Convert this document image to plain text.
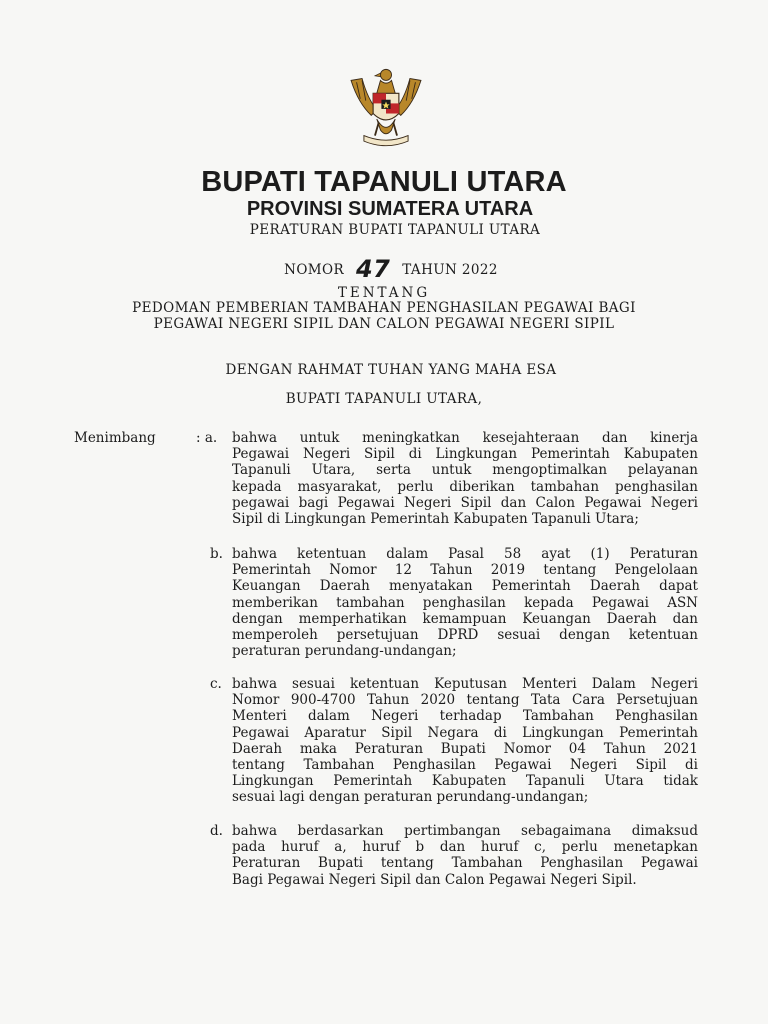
BUPATI TAPANULI UTARA
PROVINSI SUMATERA UTARA
PERATURAN BUPATI TAPANULI UTARA
NOMOR 47 TAHUN 2022
TENTANG
PEDOMAN PEMBERIAN TAMBAHAN PENGHASILAN PEGAWAI BAGI
PEGAWAI NEGERI SIPIL DAN CALON PEGAWAI NEGERI SIPIL
DENGAN RAHMAT TUHAN YANG MAHA ESA
BUPATI TAPANULI UTARA,
Menimbang	: a. bahwa untuk meningkatkan kesejahteraan dan kinerja

Pegawai Negeri Sipil di Lingkungan Pemerintah Kabupaten

Tapanuli Utara, serta untuk mengoptimalkan pelayanan

kepada masyarakat, perlu diberikan tambahan penghasilan

pegawai bagi Pegawai Negeri Sipil dan Calon Pegawai Negeri

Sipil di Lingkungan Pemerintah Kabupaten Tapanuli Utara;

b. bahwa ketentuan dalam Pasal 58 ayat (1) Peraturan

Pemerintah Nomor 12 Tahun 2019 tentang Pengelolaan

Keuangan Daerah menyatakan Pemerintah Daerah dapat

memberikan tambahan penghasilan kepada Pegawai ASN

dengan memperhatikan kemampuan Keuangan Daerah dan

memperoleh persetujuan DPRD sesuai dengan ketentuan

peraturan perundang-undangan;

c. bahwa sesuai ketentuan Keputusan Menteri Dalam Negeri

Nomor 900-4700 Tahun 2020 tentang Tata Cara Persetujuan

Menteri dalam Negeri terhadap Tambahan Penghasilan

Pegawai Aparatur Sipil Negara di Lingkungan Pemerintah

Daerah maka Peraturan Bupati Nomor 04 Tahun 2021

tentang Tambahan Penghasilan Pegawai Negeri Sipil di

Lingkungan Pemerintah Kabupaten Tapanuli Utara tidak

sesuai lagi dengan peraturan perundang-undangan;

d. bahwa berdasarkan pertimbangan sebagaimana dimaksud

pada huruf a, huruf b dan huruf c, perlu menetapkan

Peraturan Bupati tentang Tambahan Penghasilan Pegawai

Bagi Pegawai Negeri Sipil dan Calon Pegawai Negeri Sipil.
